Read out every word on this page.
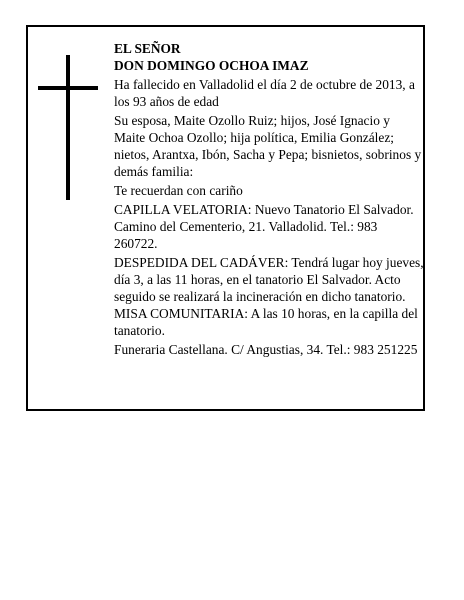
EL SEÑOR

DON DOMINGO OCHOA IMAZ

Ha fallecido en Valladolid el día 2 de octubre de 2013, a los 93 años de edad

Su esposa, Maite Ozollo Ruiz; hijos, José Ignacio y Maite Ochoa Ozollo; hija política, Emilia González; nietos, Arantxa, Ibón, Sacha y Pepa; bisnietos, sobrinos y demás familia:

Te recuerdan con cariño

CAPILLA VELATORIA: Nuevo Tanatorio El Salvador. Camino del Cementerio, 21. Valladolid. Tel.: 983 260722.

DESPEDIDA DEL CADÁVER: Tendrá lugar hoy jueves, día 3, a las 11 horas, en el tanatorio El Salvador. Acto seguido se realizará la incineración en dicho tanatorio. MISA COMUNITARIA: A las 10 horas, en la capilla del tanatorio.

Funeraria Castellana. C/ Angustias, 34. Tel.: 983 251225
